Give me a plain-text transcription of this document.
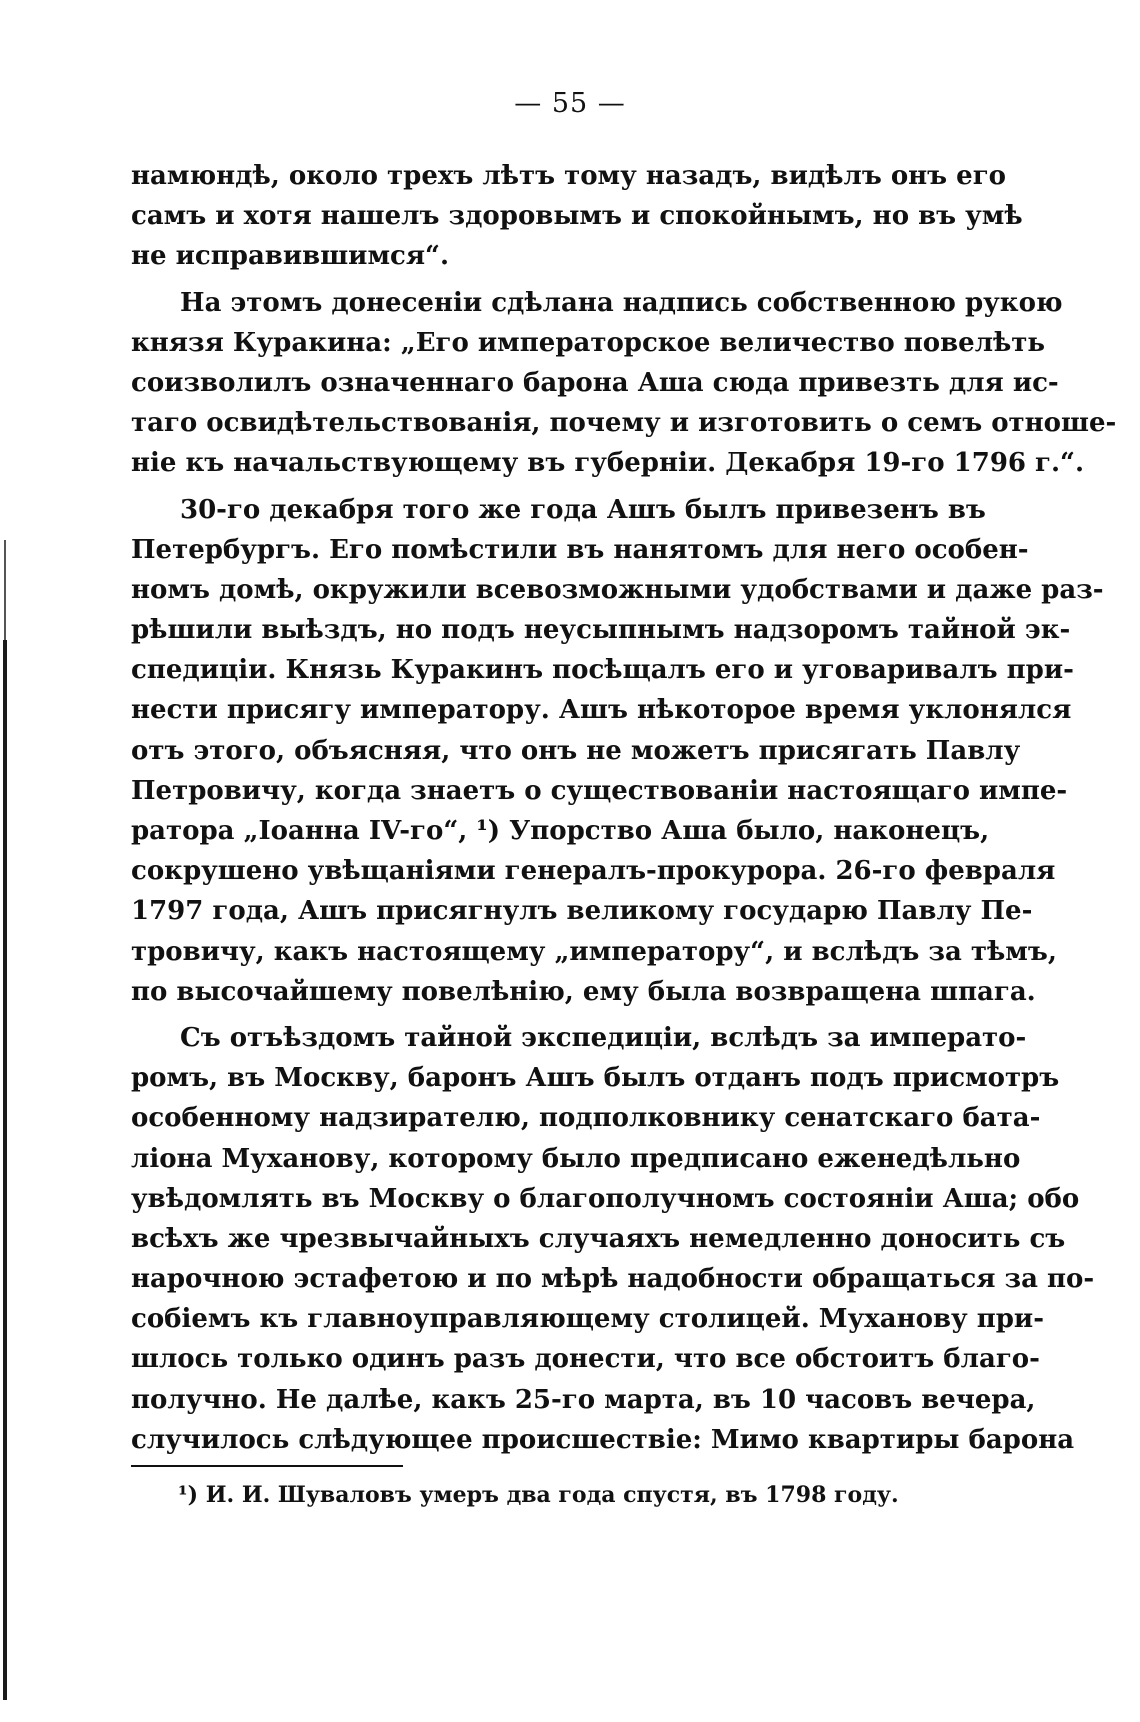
— 55 —
намюндѣ, около трехъ лѣтъ тому назадъ, видѣлъ онъ его
самъ и хотя нашелъ здоровымъ и спокойнымъ, но въ умѣ
не исправившимся“.
На этомъ донесенiи сдѣлана надпись собственною рукою
князя Куракина: „Его императорское величество повелѣть
соизволилъ означеннаго барона Аша сюда привезть для ис-
таго освидѣтельствованiя, почему и изготовить о семъ отноше-
нiе къ начальствующему въ губернiи. Декабря 19-го 1796 г.“.
30-го декабря того же года Ашъ былъ привезенъ въ
Петербургъ. Его помѣстили въ нанятомъ для него особен-
номъ домѣ, окружили всевозможными удобствами и даже раз-
рѣшили выѣздъ, но подъ неусыпнымъ надзоромъ тайной эк-
спедицiи. Князь Куракинъ посѣщалъ его и уговаривалъ при-
нести присягу императору. Ашъ нѣкоторое время уклонялся
отъ этого, объясняя, что онъ не можетъ присягать Павлу
Петровичу, когда знаетъ о существованiи настоящаго импе-
ратора „Iоанна IV-го“, ¹) Упорство Аша было, наконецъ,
сокрушено увѣщанiями генералъ-прокурора. 26-го февраля
1797 года, Ашъ присягнулъ великому государю Павлу Пе-
тровичу, какъ настоящему „императору“, и вслѣдъ за тѣмъ,
по высочайшему повелѣнiю, ему была возвращена шпага.
Съ отъѣздомъ тайной экспедицiи, вслѣдъ за императо-
ромъ, въ Москву, баронъ Ашъ былъ отданъ подъ присмотръ
особенному надзирателю, подполковнику сенатскаго бата-
лiона Муханову, которому было предписано еженедѣльно
увѣдомлять въ Москву о благополучномъ состоянiи Аша; обо
всѣхъ же чрезвычайныхъ случаяхъ немедленно доносить съ
нарочною эстафетою и по мѣрѣ надобности обращаться за по-
собiемъ къ главноуправляющему столицей. Муханову при-
шлось только одинъ разъ донести, что все обстоитъ благо-
получно. Не далѣе, какъ 25-го марта, въ 10 часовъ вечера,
случилось слѣдующее происшествiе: Мимо квартиры барона
¹) И. И. Шуваловъ умеръ два года спустя, въ 1798 году.
